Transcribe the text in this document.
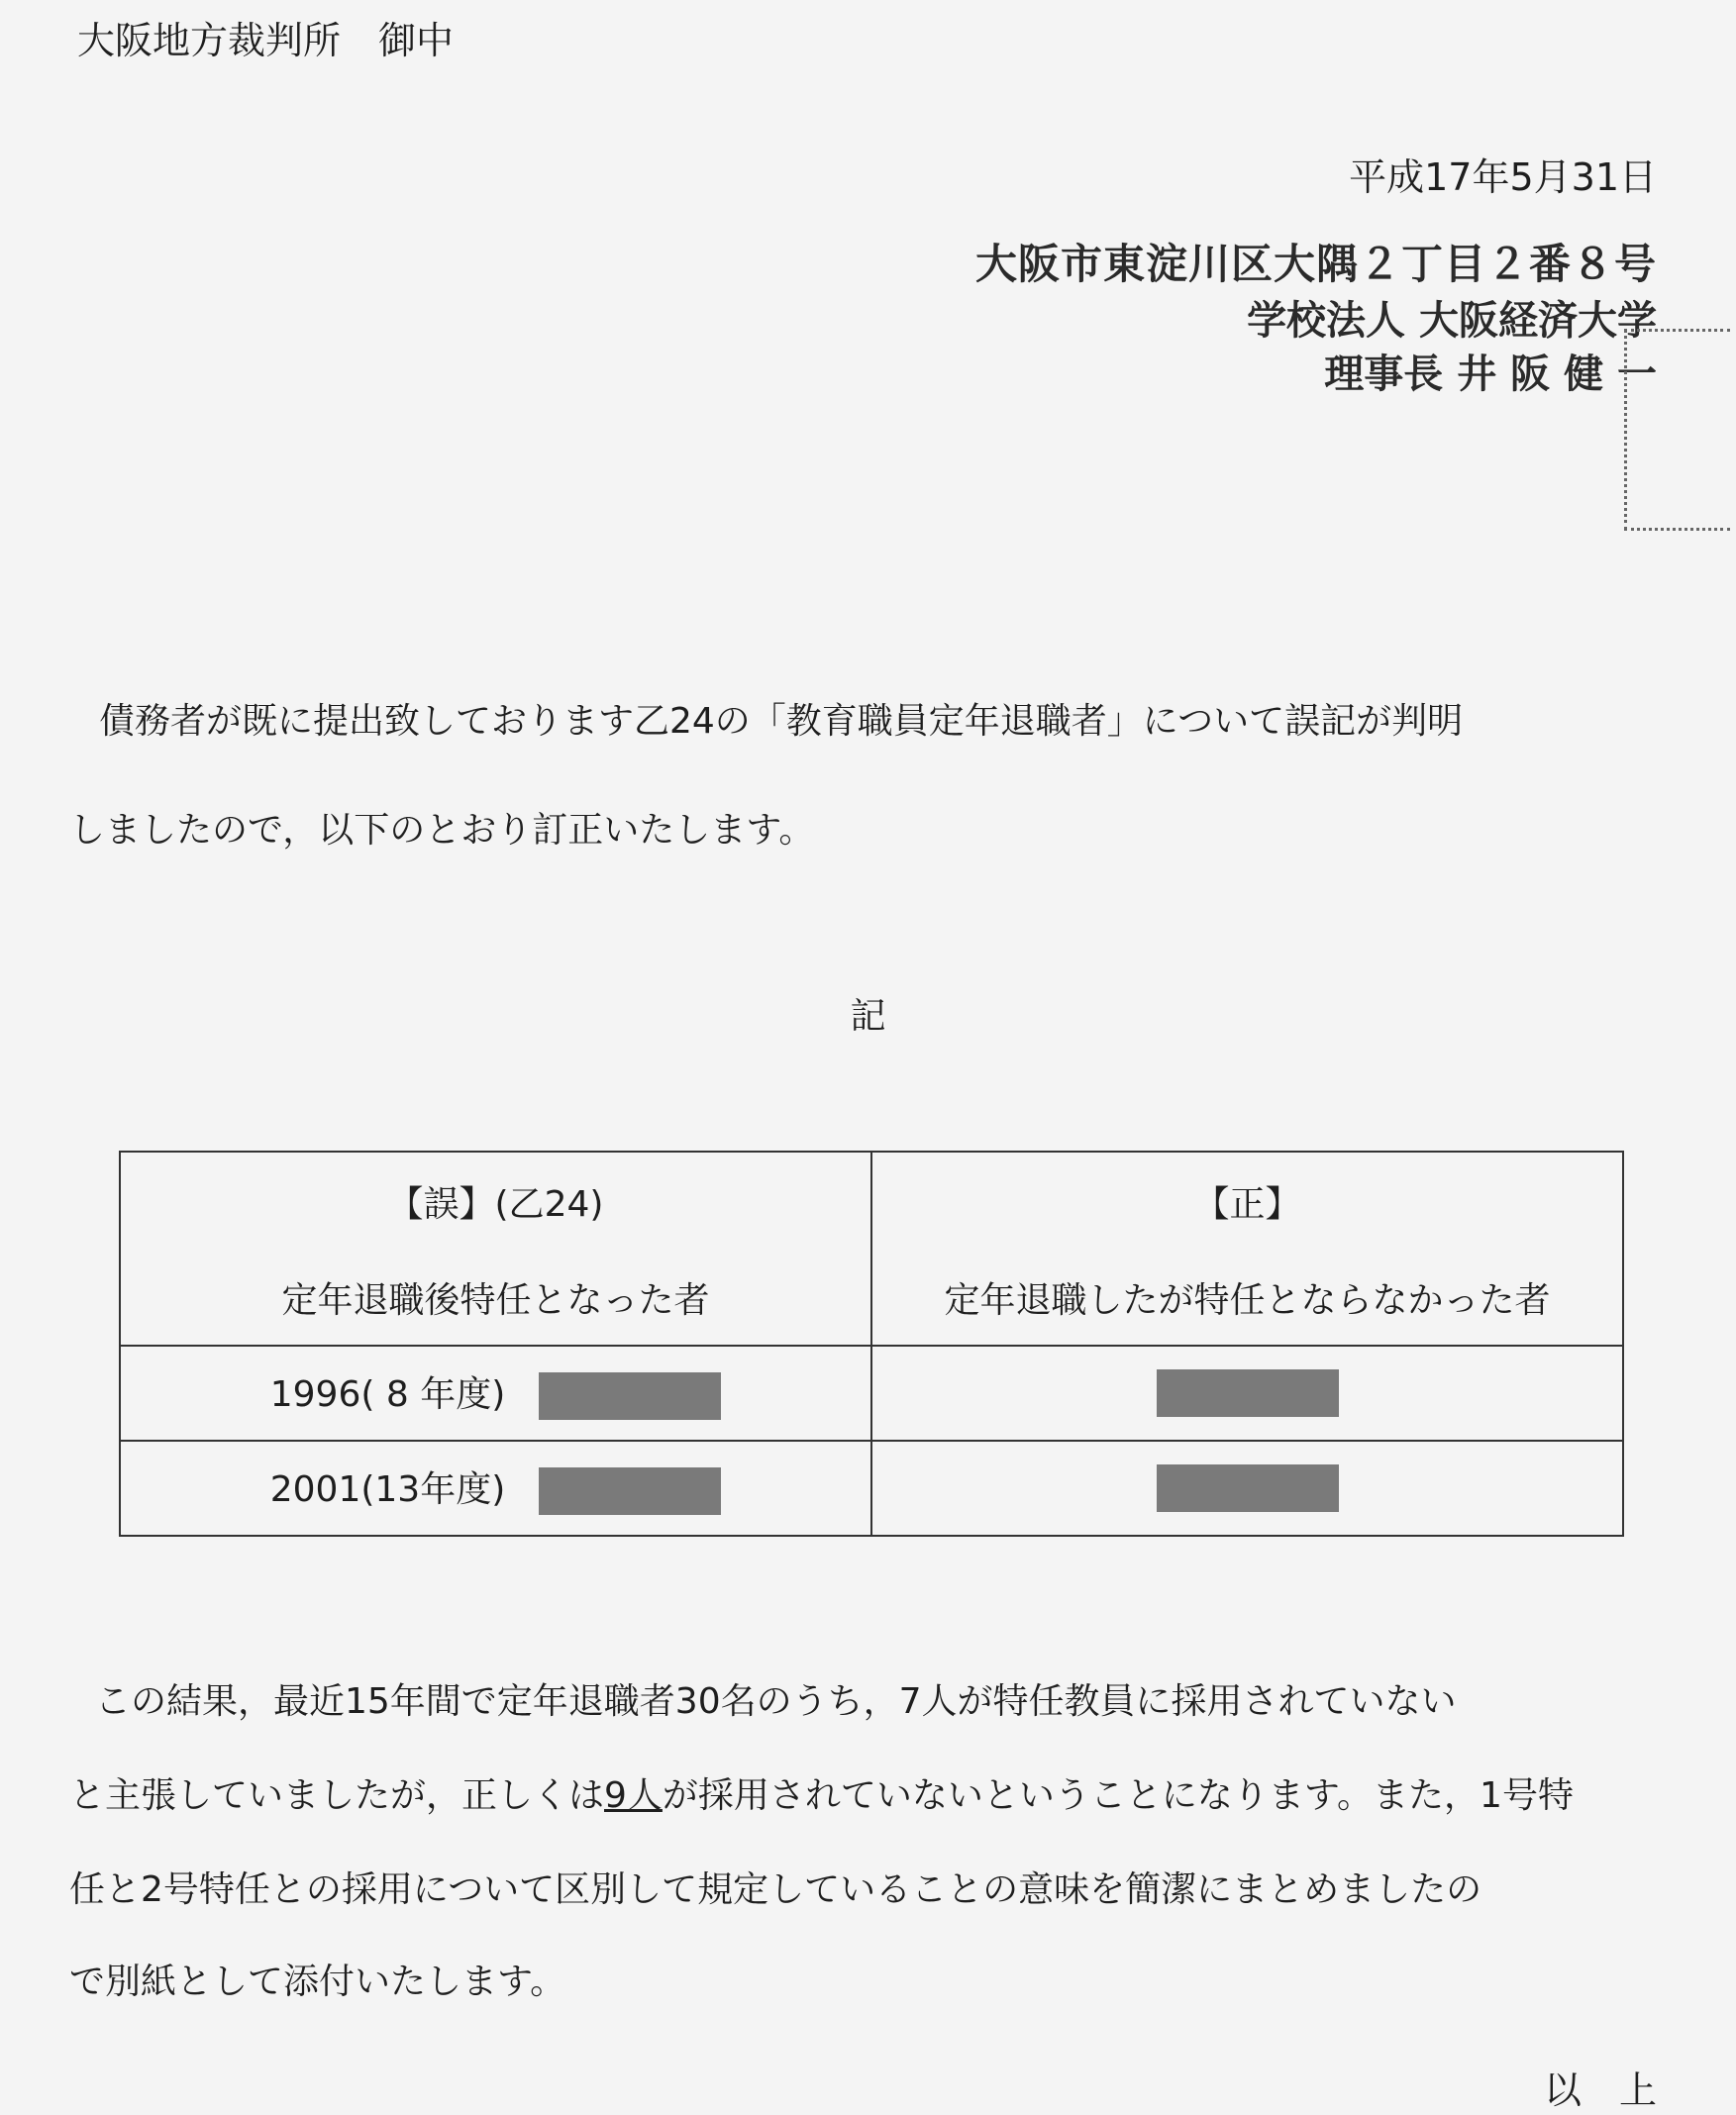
大阪地方裁判所　御中
平成17年5月31日
大阪市東淀川区大隅２丁目２番８号
学校法人 大阪経済大学
理事長 井 阪 健 一
債務者が既に提出致しております乙24の「教育職員定年退職者」について誤記が判明
しましたので，以下のとおり訂正いたします。
記
【誤】(乙24)	【正】
定年退職後特任となった者	定年退職したが特任とならなかった者
1996( 8 年度)	
2001(13年度)	
この結果，最近15年間で定年退職者30名のうち，7人が特任教員に採用されていない
と主張していましたが，正しくは9人が採用されていないということになります。また，1号特
任と2号特任との採用について区別して規定していることの意味を簡潔にまとめましたの
で別紙として添付いたします。
以　上
